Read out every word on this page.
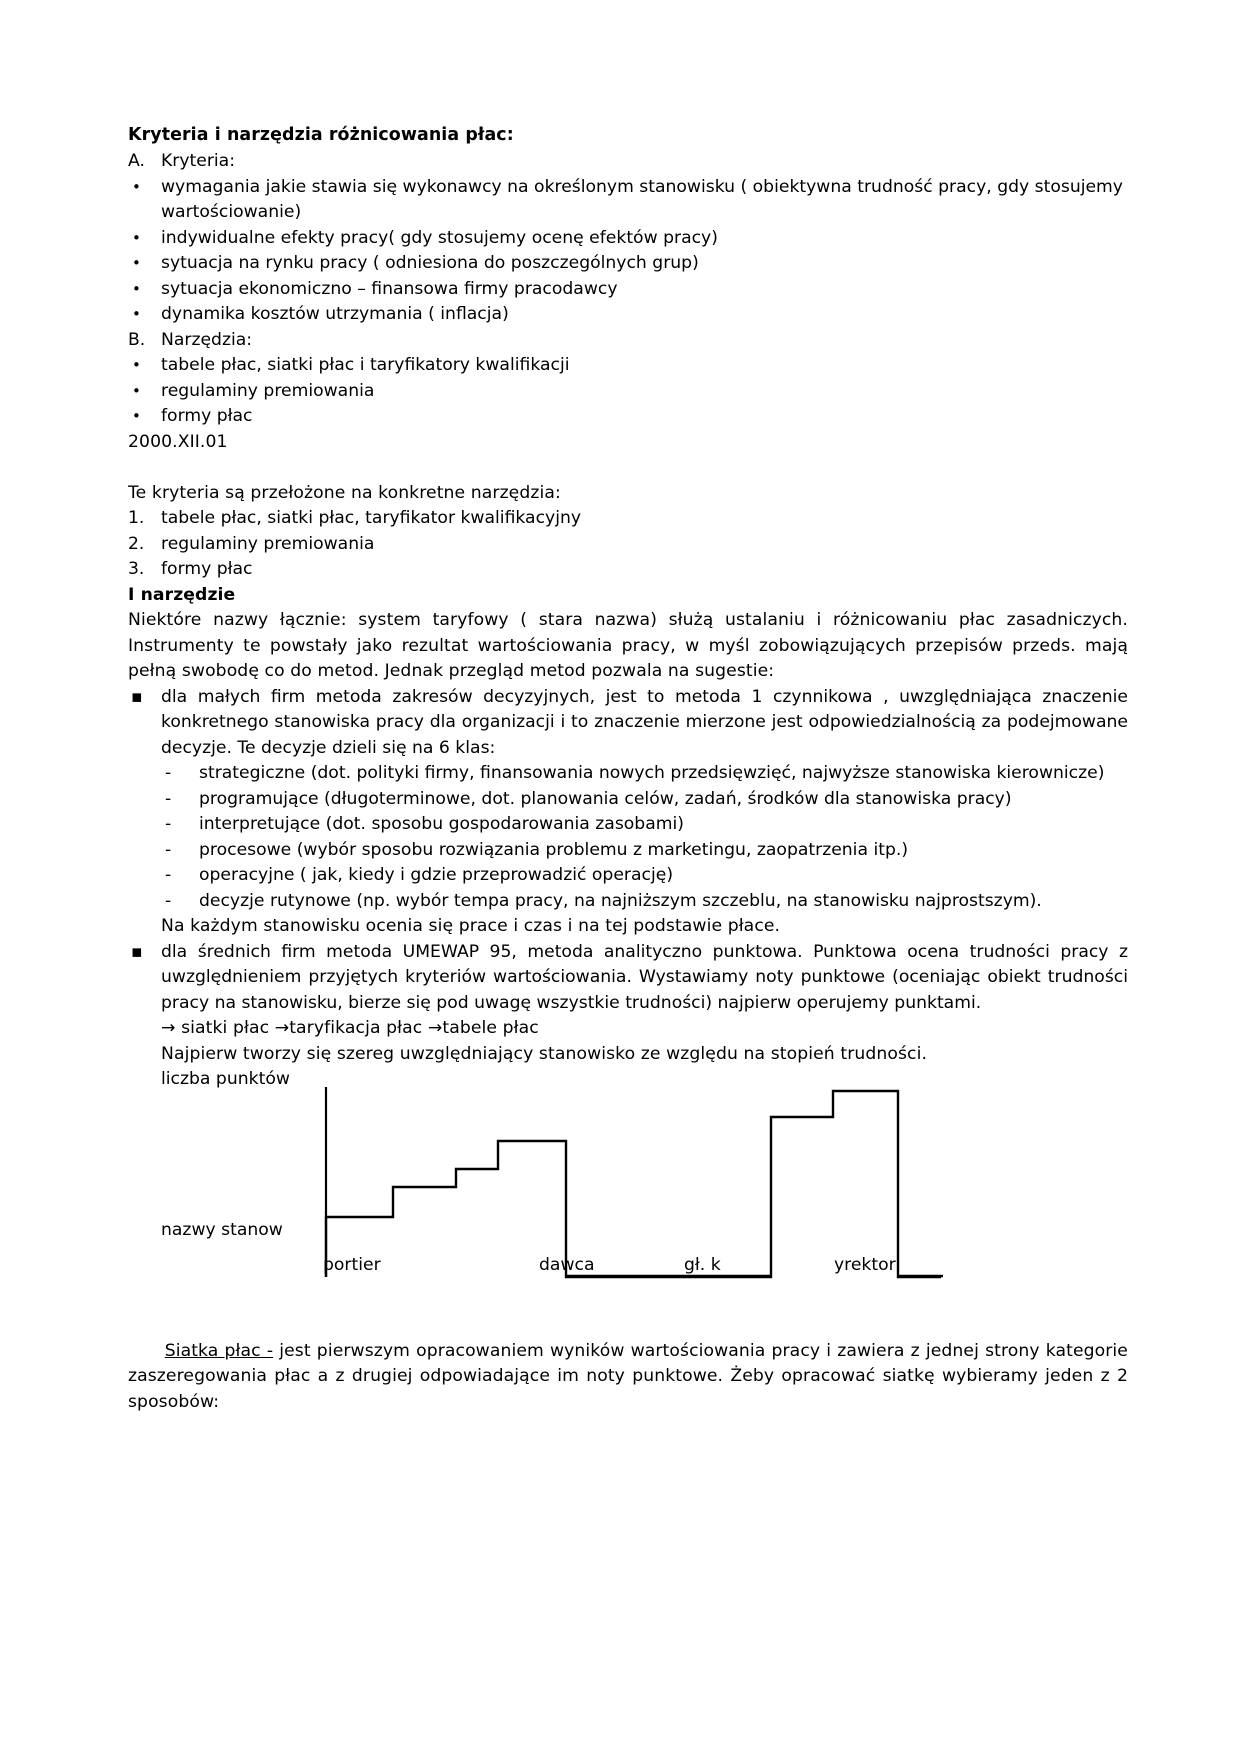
Kryteria i narzędzia różnicowania płac:
A. Kryteria:
•	wymagania jakie stawia się wykonawcy na określonym stanowisku ( obiektywna trudność pracy, gdy stosujemy wartościowanie)
•	indywidualne efekty pracy( gdy stosujemy ocenę efektów pracy)
•	sytuacja na rynku pracy ( odniesiona do poszczególnych grup)
•	sytuacja ekonomiczno – finansowa firmy pracodawcy
•	dynamika kosztów utrzymania ( inflacja)
B. Narzędzia:
•	tabele płac, siatki płac i taryfikatory kwalifikacji
•	regulaminy premiowania
•	formy płac
2000.XII.01
Te kryteria są przełożone na konkretne narzędzia:
1. tabele płac, siatki płac, taryfikator kwalifikacyjny
2. regulaminy premiowania
3. formy płac
I narzędzie
Niektóre nazwy łącznie: system taryfowy ( stara nazwa) służą ustalaniu i różnicowaniu płac zasadniczych. Instrumenty te powstały jako rezultat wartościowania pracy, w myśl zobowiązujących przepisów przeds. mają pełną swobodę co do metod. Jednak przegląd metod pozwala na sugestie:
▪	dla małych firm metoda zakresów decyzyjnych, jest to metoda 1 czynnikowa , uwzględniająca znaczenie konkretnego stanowiska pracy dla organizacji i to znaczenie mierzone jest odpowiedzialnością za podejmowane decyzje. Te decyzje dzieli się na 6 klas:
-	strategiczne (dot. polityki firmy, finansowania nowych przedsięwzięć, najwyższe stanowiska kierownicze)
-	programujące (długoterminowe, dot. planowania celów, zadań, środków dla stanowiska pracy)
-	interpretujące (dot. sposobu gospodarowania zasobami)
-	procesowe (wybór sposobu rozwiązania problemu z marketingu, zaopatrzenia itp.)
-	operacyjne ( jak, kiedy i gdzie przeprowadzić operację)
-	decyzje rutynowe (np. wybór tempa pracy, na najniższym szczeblu, na stanowisku najprostszym).
Na każdym stanowisku ocenia się prace i czas i na tej podstawie płace.
▪	dla średnich firm metoda UMEWAP 95, metoda analityczno punktowa. Punktowa ocena trudności pracy z uwzględnieniem przyjętych kryteriów wartościowania. Wystawiamy noty punktowe (oceniając obiekt trudności pracy na stanowisku, bierze się pod uwagę wszystkie trudności) najpierw operujemy punktami.
→ siatki płac →taryfikacja płac →tabele płac
Najpierw tworzy się szereg uwzględniający stanowisko ze względu na stopień trudności.
liczba punktów
nazwy stanow
portier	dawca	gł. k	yrektor

Siatka płac - jest pierwszym opracowaniem wyników wartościowania pracy i zawiera z jednej strony kategorie zaszeregowania płac a z drugiej odpowiadające im noty punktowe. Żeby opracować siatkę wybieramy jeden z 2 sposobów:
